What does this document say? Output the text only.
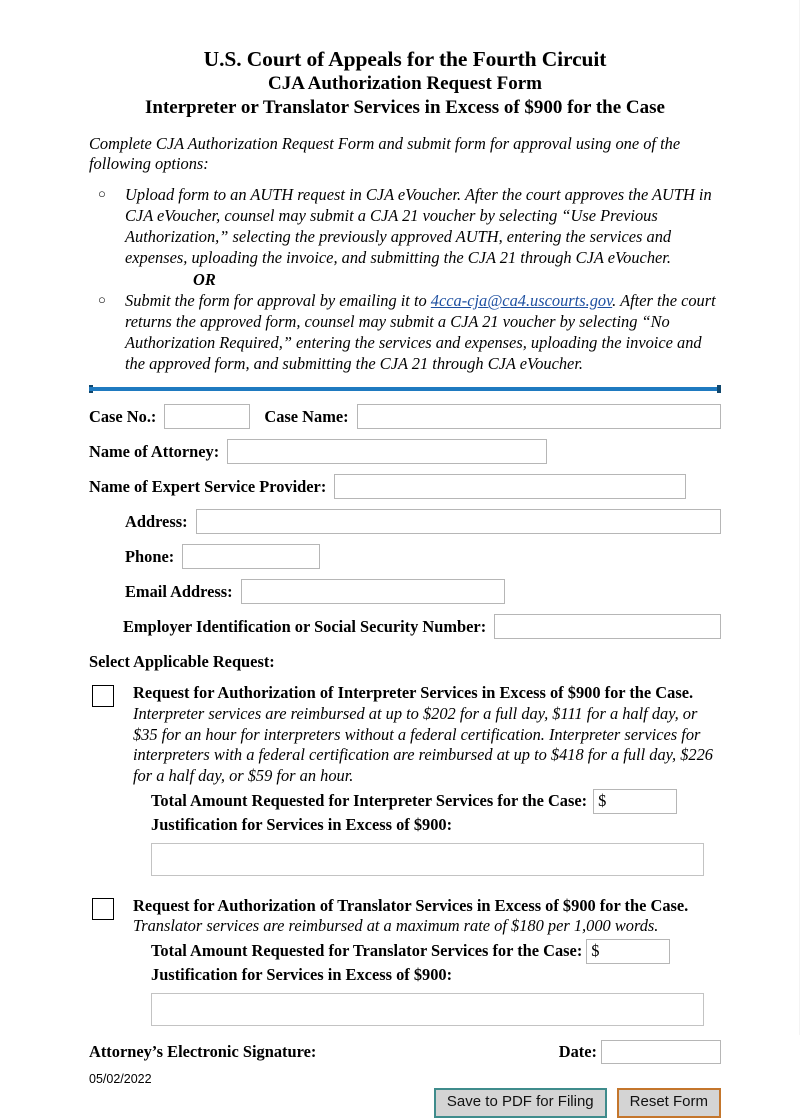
U.S. Court of Appeals for the Fourth Circuit
CJA Authorization Request Form
Interpreter or Translator Services in Excess of $900 for the Case

Complete CJA Authorization Request Form and submit form for approval using one of the following options:

○ Upload form to an AUTH request in CJA eVoucher. After the court approves the AUTH in CJA eVoucher, counsel may submit a CJA 21 voucher by selecting “Use Previous Authorization,” selecting the previously approved AUTH, entering the services and expenses, uploading the invoice, and submitting the CJA 21 through CJA eVoucher.
OR
○ Submit the form for approval by emailing it to 4cca-cja@ca4.uscourts.gov. After the court returns the approved form, counsel may submit a CJA 21 voucher by selecting “No Authorization Required,” entering the services and expenses, uploading the invoice and the approved form, and submitting the CJA 21 through CJA eVoucher.
Case No.:	Case Name:
Name of Attorney:
Name of Expert Service Provider:
Address:
Phone:
Email Address:
Employer Identification or Social Security Number:
Select Applicable Request:
Request for Authorization of Interpreter Services in Excess of $900 for the Case.
Interpreter services are reimbursed at up to $202 for a full day, $111 for a half day, or $35 for an hour for interpreters without a federal certification. Interpreter services for interpreters with a federal certification are reimbursed at up to $418 for a full day, $226 for a half day, or $59 for an hour.
Total Amount Requested for Interpreter Services for the Case: $
Justification for Services in Excess of $900:
Request for Authorization of Translator Services in Excess of $900 for the Case.
Translator services are reimbursed at a maximum rate of $180 per 1,000 words.
Total Amount Requested for Translator Services for the Case: $
Justification for Services in Excess of $900:
Attorney’s Electronic Signature:	Date:
05/02/2022
Save to PDF for Filing	Reset Form
